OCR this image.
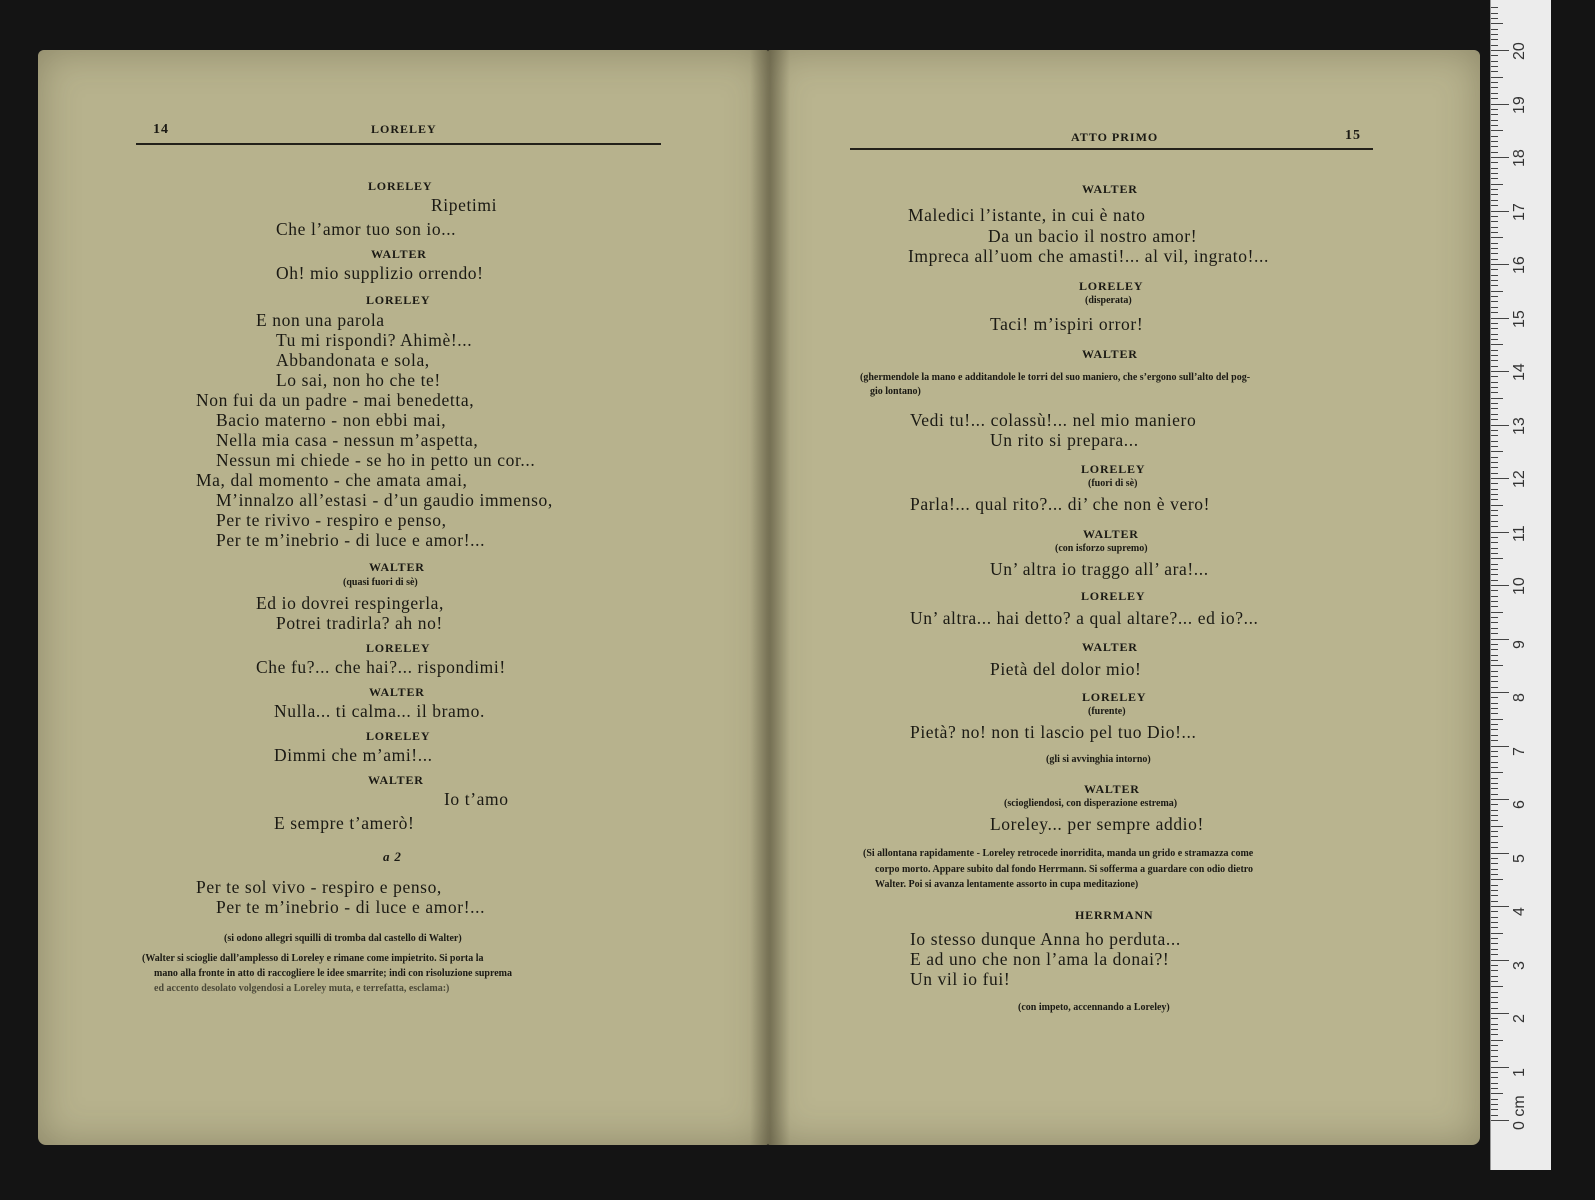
14	LORELEY
LORELEY
Ripetimi
Che l’amor tuo son io...
WALTER
Oh! mio supplizio orrendo!
LORELEY
E non una parola
Tu mi rispondi? Ahimè!...
Abbandonata e sola,
Lo sai, non ho che te!
Non fui da un padre - mai benedetta,
Bacio materno - non ebbi mai,
Nella mia casa - nessun m’aspetta,
Nessun mi chiede - se ho in petto un cor...
Ma, dal momento - che amata amai,
M’innalzo all’estasi - d’un gaudio immenso,
Per te rivivo - respiro e penso,
Per te m’inebrio - di luce e amor!...
WALTER
(quasi fuori di sè)
Ed io dovrei respingerla,
Potrei tradirla? ah no!
LORELEY
Che fu?... che hai?... rispondimi!
WALTER
Nulla... ti calma... il bramo.
LORELEY
Dimmi che m’ami!...
WALTER
Io t’amo
E sempre t’amerò!
a 2
Per te sol vivo - respiro e penso,
Per te m’inebrio - di luce e amor!...
(si odono allegri squilli di tromba dal castello di Walter)
(Walter si scioglie dall’amplesso di Loreley e rimane come impietrito. Si porta la
mano alla fronte in atto di raccogliere le idee smarrite; indi con risoluzione suprema
ed accento desolato volgendosi a Loreley muta, e terrefatta, esclama:)
ATTO PRIMO	15
WALTER
Maledici l’istante, in cui è nato
Da un bacio il nostro amor!
Impreca all’uom che amasti!... al vil, ingrato!...
LORELEY
(disperata)
Taci! m’ispiri orror!
WALTER
(ghermendole la mano e additandole le torri del suo maniero, che s’ergono sull’alto del pog-
gio lontano)
Vedi tu!... colassù!... nel mio maniero
Un rito si prepara...
LORELEY
(fuori di sè)
Parla!... qual rito?... di’ che non è vero!
WALTER
(con isforzo supremo)
Un’ altra io traggo all’ ara!...
LORELEY
Un’ altra... hai detto? a qual altare?... ed io?...
WALTER
Pietà del dolor mio!
LORELEY
(furente)
Pietà? no! non ti lascio pel tuo Dio!...
(gli si avvinghia intorno)
WALTER
(sciogliendosi, con disperazione estrema)
Loreley... per sempre addio!
(Si allontana rapidamente - Loreley retrocede inorridita, manda un grido e stramazza come
corpo morto. Appare subito dal fondo Herrmann. Si sofferma a guardare con odio dietro
Walter. Poi si avanza lentamente assorto in cupa meditazione)
HERRMANN
Io stesso dunque Anna ho perduta...
E ad uno che non l’ama la donai?!
Un vil io fui!
(con impeto, accennando a Loreley)
0 cm
1
2
3
4
5
6
7
8
9
10
11
12
13
14
15
16
17
18
19
20
